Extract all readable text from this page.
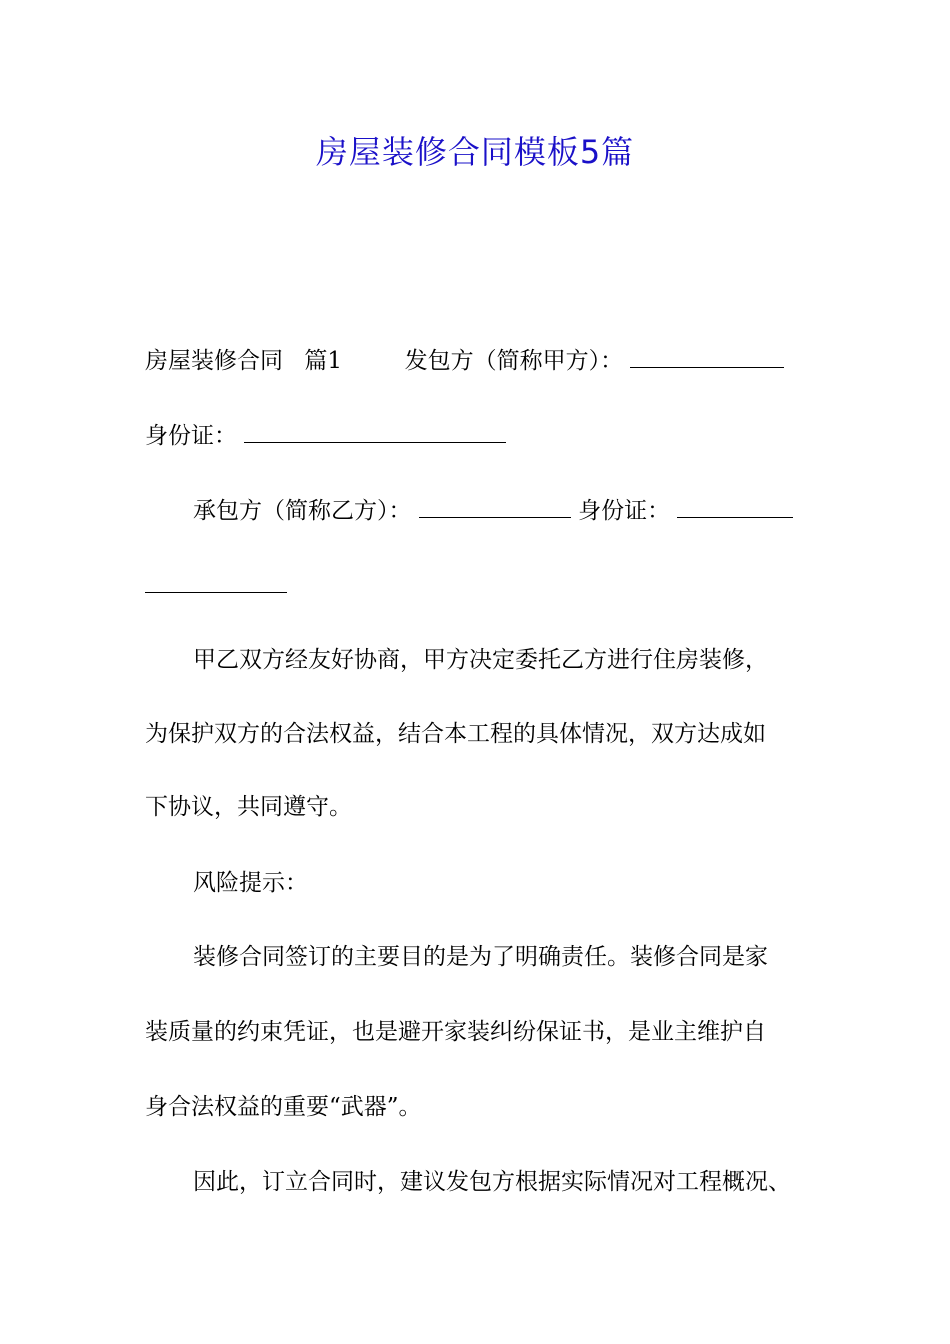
房屋装修合同模板5篇

房屋装修合同 篇1	发包方（简称甲方）：

身份证：

承包方（简称乙方）：	身份证：

甲乙双方经友好协商，甲方决定委托乙方进行住房装修，

为保护双方的合法权益，结合本工程的具体情况，双方达成如

下协议，共同遵守。

风险提示：

装修合同签订的主要目的是为了明确责任。装修合同是家

装质量的约束凭证，也是避开家装纠纷保证书，是业主维护自

身合法权益的重要“武器”。

因此，订立合同时，建议发包方根据实际情况对工程概况、
